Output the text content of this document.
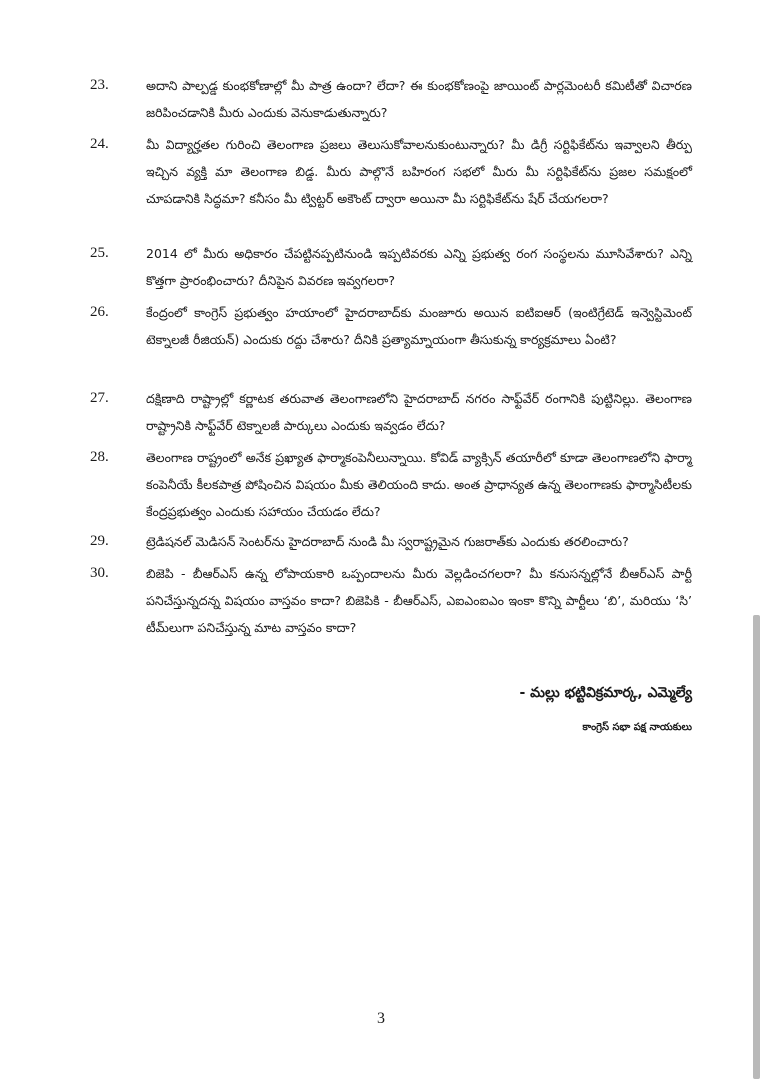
23.	అదాని పాల్పడ్డ కుంభకోణాల్లో మీ పాత్ర ఉందా? లేదా? ఈ కుంభకోణంపై జాయింట్ పార్లమెంటరీ కమిటీతో విచారణ జరిపించడానికి మీరు ఎందుకు వెనుకాడుతున్నారు?
24.	మీ విద్యార్హతల గురించి తెలంగాణ ప్రజలు తెలుసుకోవాలనుకుంటున్నారు? మీ డిగ్రీ సర్టిఫికేట్‌ను ఇవ్వాలని తీర్పు ఇచ్చిన వ్యక్తి మా తెలంగాణ బిడ్డ. మీరు పాల్గొనే బహిరంగ సభలో మీరు మీ సర్టిఫికేట్‌ను ప్రజల సమక్షంలో చూపడానికి సిద్ధమా? కనీసం మీ ట్విట్టర్ అకౌంట్ ద్వారా అయినా మీ సర్టిఫికేట్‌ను షేర్ చేయగలరా?
25.	2014 లో మీరు అధికారం చేపట్టినప్పటినుండి ఇప్పటివరకు ఎన్ని ప్రభుత్వ రంగ సంస్థలను మూసివేశారు? ఎన్ని కొత్తగా ప్రారంభించారు? దీనిపైన వివరణ ఇవ్వగలరా?
26.	కేంద్రంలో కాంగ్రెస్ ప్రభుత్వం హయాంలో హైదరాబాద్‌కు మంజూరు అయిన ఐటిఐఆర్ (ఇంటిగ్రేటెడ్ ఇన్వెస్టిమెంట్ టెక్నాలజీ రీజియన్) ఎందుకు రద్దు చేశారు? దీనికి ప్రత్యామ్నాయంగా తీసుకున్న కార్యక్రమాలు ఏంటి?
27.	దక్షిణాది రాష్ట్రాల్లో కర్ణాటక తరువాత తెలంగాణలోని హైదరాబాద్ నగరం సాఫ్ట్‌వేర్ రంగానికి పుట్టినిల్లు. తెలంగాణ రాష్ట్రానికి సాఫ్ట్‌వేర్ టెక్నాలజీ పార్కులు ఎందుకు ఇవ్వడం లేదు?
28.	తెలంగాణ రాష్ట్రంలో అనేక ప్రఖ్యాత ఫార్మాకంపెనీలున్నాయి. కోవిడ్ వ్యాక్సిన్ తయారీలో కూడా తెలంగాణలోని ఫార్మా కంపెనీయే కీలకపాత్ర పోషించిన విషయం మీకు తెలియంది కాదు. అంత ప్రాధాన్యత ఉన్న తెలంగాణకు ఫార్మాసిటీలకు కేంద్రప్రభుత్వం ఎందుకు సహాయం చేయడం లేదు?
29.	ట్రెడిషనల్ మెడిసన్ సెంటర్‌ను హైదరాబాద్ నుండి మీ స్వరాష్ట్రమైన గుజరాత్‌కు ఎందుకు తరలించారు?
30.	బిజెపి - బీఆర్ఎస్ ఉన్న లోపాయకారి ఒప్పందాలను మీరు వెల్లడించగలరా? మీ కనుసన్నల్లోనే బీఆర్ఎస్ పార్టీ పనిచేస్తున్నదన్న విషయం వాస్తవం కాదా? బిజెపికి - బీఆర్ఎస్, ఎఐఎంఐఎం ఇంకా కొన్ని పార్టీలు ‘బి’, మరియు ‘సి’ టీమ్‌లుగా పనిచేస్తున్న మాట వాస్తవం కాదా?
- మల్లు భట్టివిక్రమార్క, ఎమ్మెల్యే
కాంగ్రెస్ సభా పక్ష నాయకులు
3
